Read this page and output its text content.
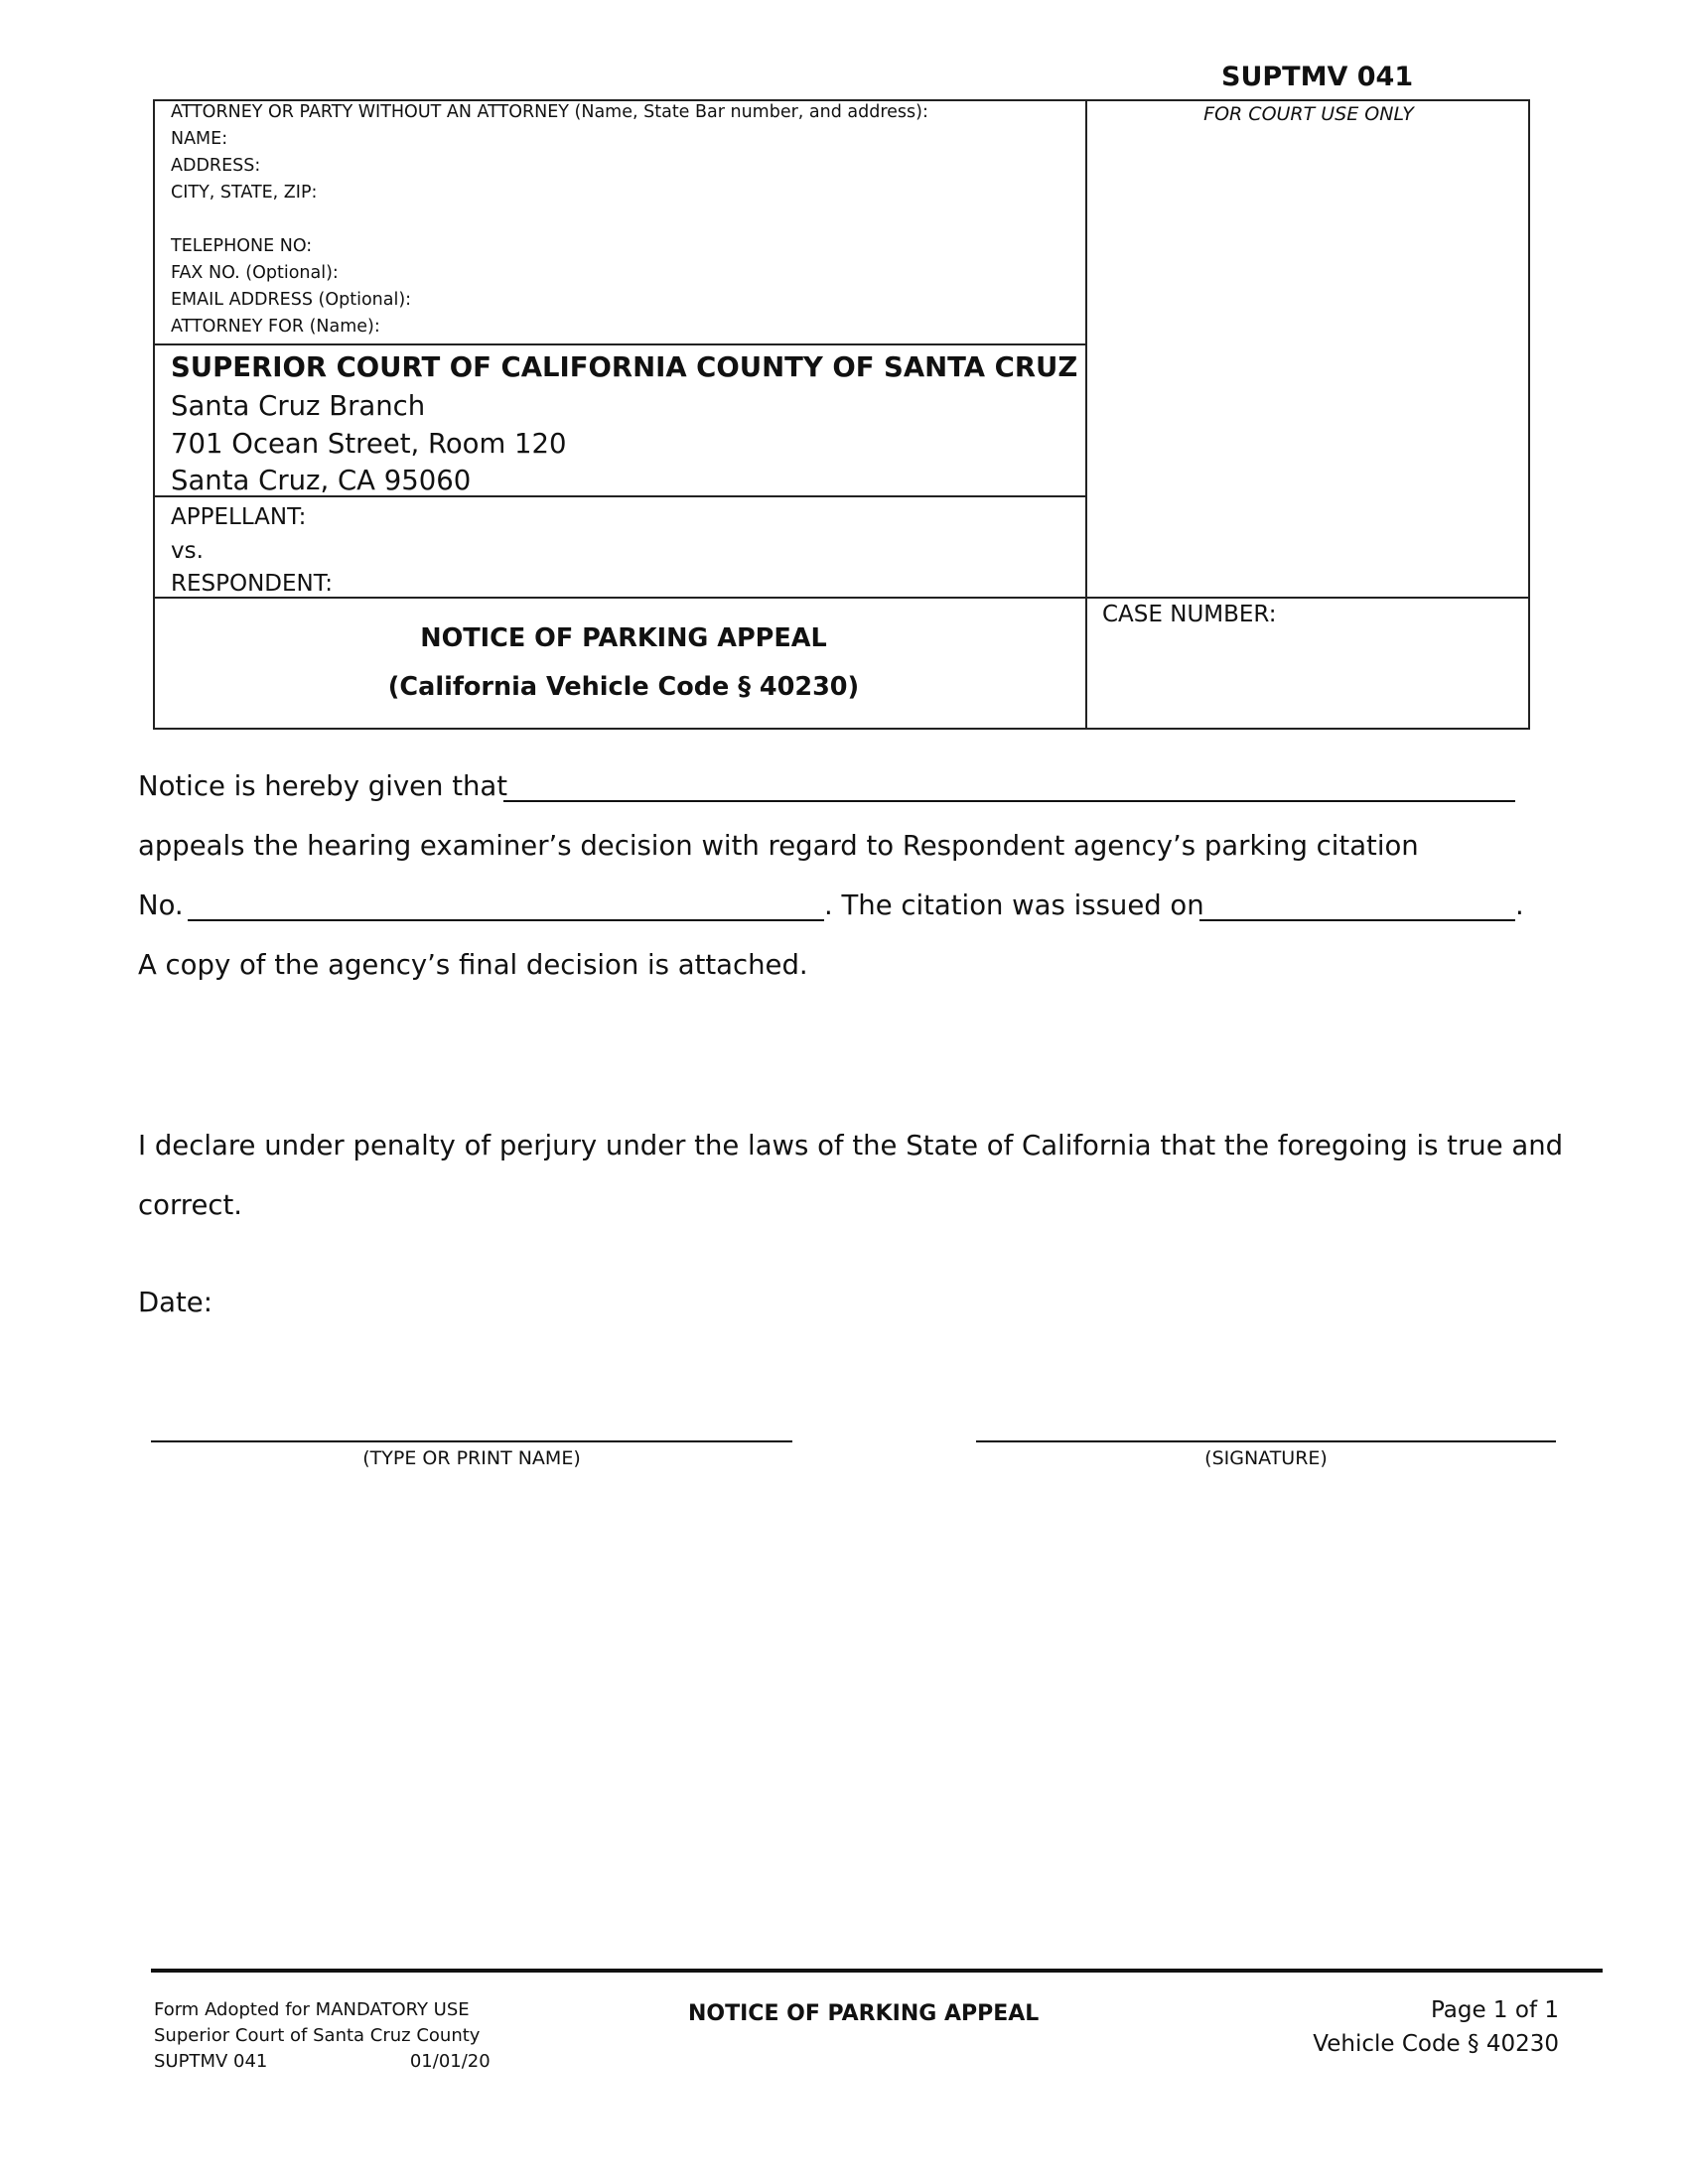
SUPTMV 041
ATTORNEY OR PARTY WITHOUT AN ATTORNEY (Name, State Bar number, and address):
NAME:
ADDRESS:
CITY, STATE, ZIP:
TELEPHONE NO:
FAX NO. (Optional):
EMAIL ADDRESS (Optional):
ATTORNEY FOR (Name):
FOR COURT USE ONLY
SUPERIOR COURT OF CALIFORNIA COUNTY OF SANTA CRUZ
Santa Cruz Branch
701 Ocean Street, Room 120
Santa Cruz, CA 95060
APPELLANT:
vs.
RESPONDENT:
CASE NUMBER:
NOTICE OF PARKING APPEAL
(California Vehicle Code § 40230)
Notice is hereby given that
appeals the hearing examiner’s decision with regard to Respondent agency’s parking citation
No.	. The citation was issued on	.
A copy of the agency’s final decision is attached.
I declare under penalty of perjury under the laws of the State of California that the foregoing is true and
correct.
Date:
(TYPE OR PRINT NAME)	(SIGNATURE)
Form Adopted for MANDATORY USE
Superior Court of Santa Cruz County
SUPTMV 041	01/01/20
NOTICE OF PARKING APPEAL	Page 1 of 1
Vehicle Code § 40230
